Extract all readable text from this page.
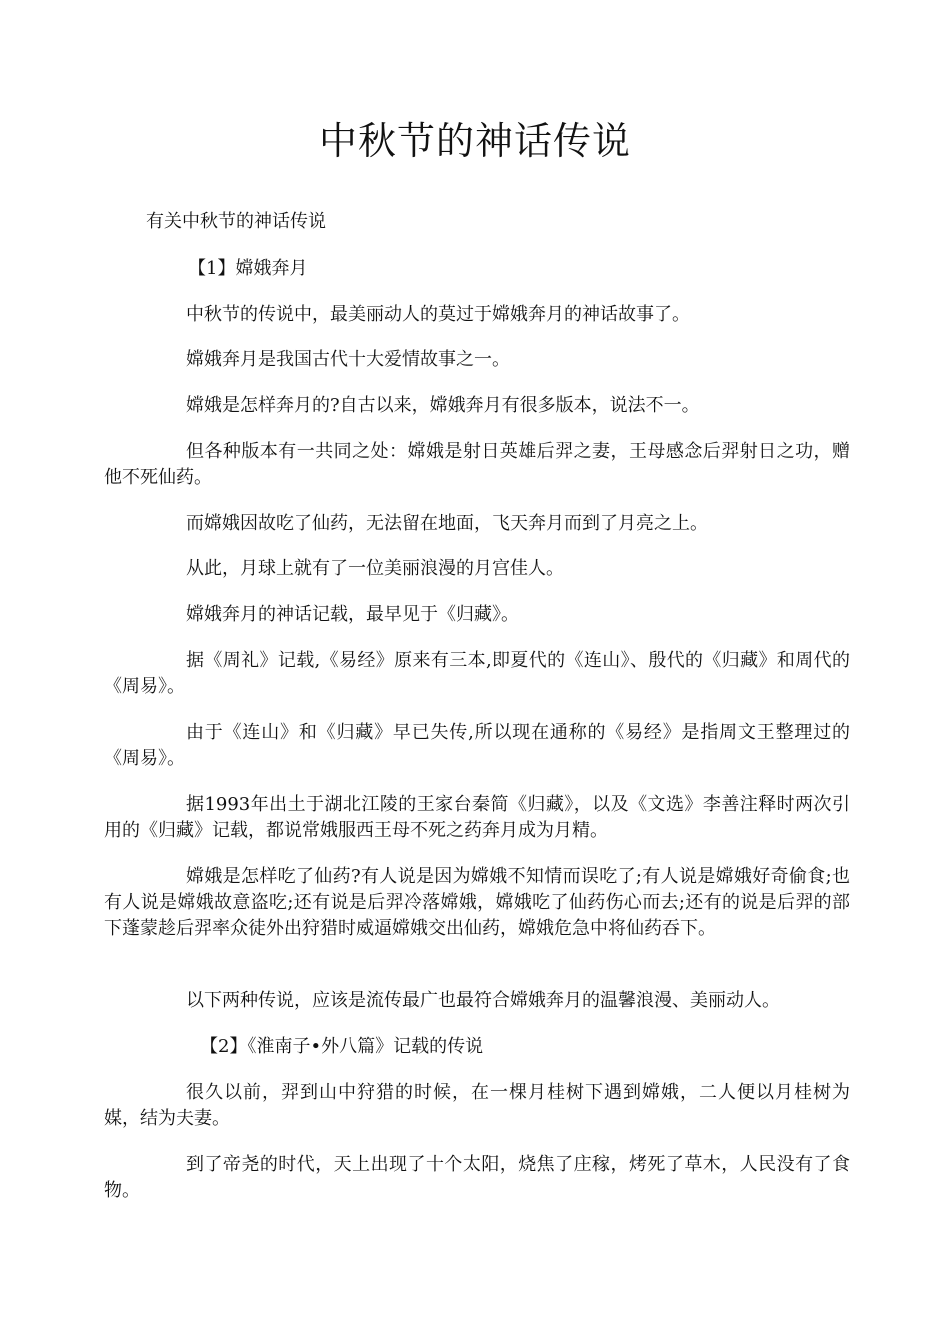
中秋节的神话传说

有关中秋节的神话传说

【1】嫦娥奔月

中秋节的传说中，最美丽动人的莫过于嫦娥奔月的神话故事了。

嫦娥奔月是我国古代十大爱情故事之一。

嫦娥是怎样奔月的?自古以来，嫦娥奔月有很多版本，说法不一。

但各种版本有一共同之处：嫦娥是射日英雄后羿之妻，王母感念后羿射日之功，赠他不死仙药。

而嫦娥因故吃了仙药，无法留在地面，飞天奔月而到了月亮之上。

从此，月球上就有了一位美丽浪漫的月宫佳人。

嫦娥奔月的神话记载，最早见于《归藏》。

据《周礼》记载,《易经》原来有三本,即夏代的《连山》、殷代的《归藏》和周代的《周易》。

由于《连山》和《归藏》早已失传,所以现在通称的《易经》是指周文王整理过的《周易》。

据1993年出土于湖北江陵的王家台秦简《归藏》，以及《文选》李善注释时两次引用的《归藏》记载，都说常娥服西王母不死之药奔月成为月精。

嫦娥是怎样吃了仙药?有人说是因为嫦娥不知情而误吃了;有人说是嫦娥好奇偷食;也有人说是嫦娥故意盗吃;还有说是后羿冷落嫦娥，嫦娥吃了仙药伤心而去;还有的说是后羿的部下蓬蒙趁后羿率众徒外出狩猎时威逼嫦娥交出仙药，嫦娥危急中将仙药吞下。

以下两种传说，应该是流传最广也最符合嫦娥奔月的温馨浪漫、美丽动人。

【2】《淮南子•外八篇》记载的传说

很久以前，羿到山中狩猎的时候，在一棵月桂树下遇到嫦娥，二人便以月桂树为媒，结为夫妻。

到了帝尧的时代，天上出现了十个太阳，烧焦了庄稼，烤死了草木，人民没有了食物。
